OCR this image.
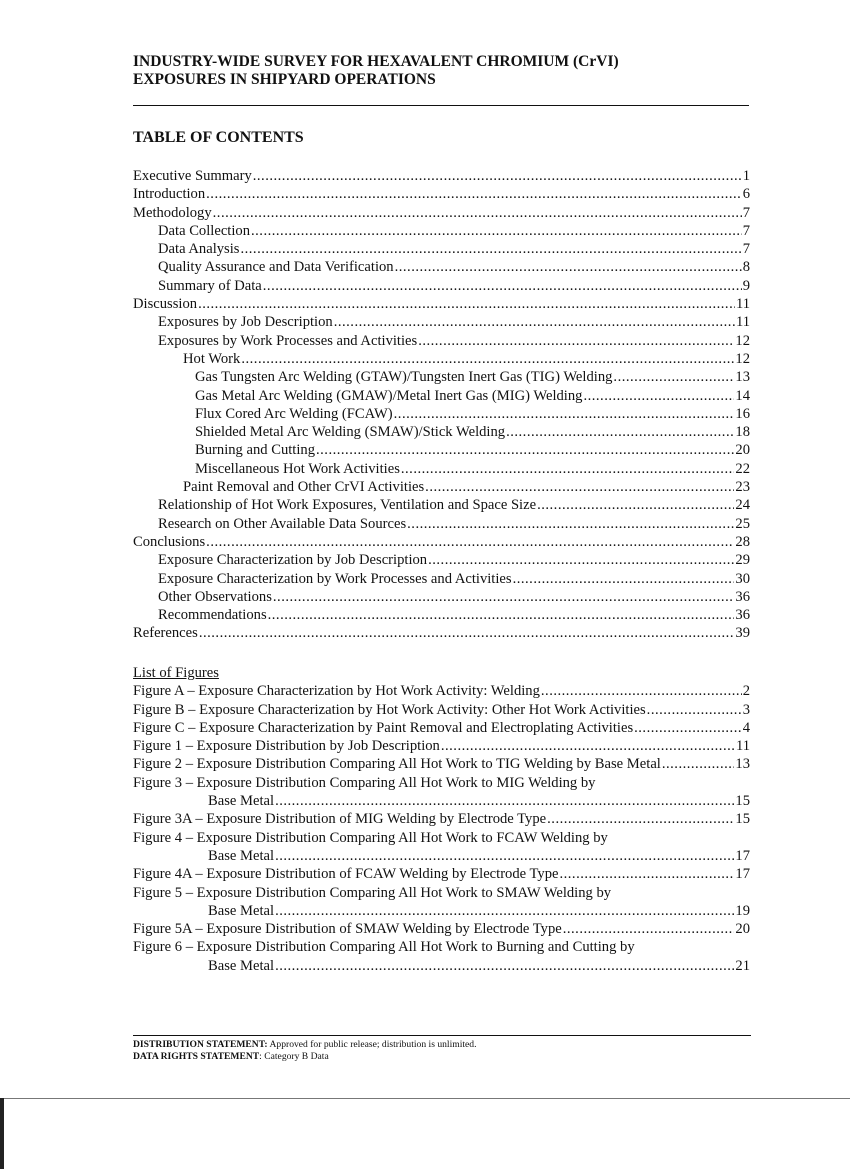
INDUSTRY-WIDE SURVEY FOR HEXAVALENT CHROMIUM (CrVI)
EXPOSURES IN SHIPYARD OPERATIONS
TABLE OF CONTENTS
Executive Summary .....	1
Introduction .....	6
Methodology .....	7
Data Collection .....	7
Data Analysis .....	7
Quality Assurance and Data Verification .....	8
Summary of Data .....	9
Discussion .....	11
Exposures by Job Description .....	11
Exposures by Work Processes and Activities .....	12
Hot Work .....	12
Gas Tungsten Arc Welding (GTAW)/Tungsten Inert Gas (TIG) Welding .....	13
Gas Metal Arc Welding (GMAW)/Metal Inert Gas (MIG) Welding .....	14
Flux Cored Arc Welding (FCAW) .....	16
Shielded Metal Arc Welding (SMAW)/Stick Welding .....	18
Burning and Cutting .....	20
Miscellaneous Hot Work Activities .....	22
Paint Removal and Other CrVI Activities .....	23
Relationship of Hot Work Exposures, Ventilation and Space Size .....	24
Research on Other Available Data Sources .....	25
Conclusions .....	28
Exposure Characterization by Job Description .....	29
Exposure Characterization by Work Processes and Activities .....	30
Other Observations .....	36
Recommendations .....	36
References .....	39
List of Figures
Figure A – Exposure Characterization by Hot Work Activity: Welding .....	2
Figure B – Exposure Characterization by Hot Work Activity: Other Hot Work Activities .....	3
Figure C – Exposure Characterization by Paint Removal and Electroplating Activities .....	4
Figure 1 – Exposure Distribution by Job Description .....	11
Figure 2 – Exposure Distribution Comparing All Hot Work to TIG Welding by Base Metal .....	13
Figure 3 – Exposure Distribution Comparing All Hot Work to MIG Welding by
Base Metal .....	15
Figure 3A – Exposure Distribution of MIG Welding by Electrode Type .....	15
Figure 4 – Exposure Distribution Comparing All Hot Work to FCAW Welding by
Base Metal .....	17
Figure 4A – Exposure Distribution of FCAW Welding by Electrode Type .....	17
Figure 5 – Exposure Distribution Comparing All Hot Work to SMAW Welding by
Base Metal .....	19
Figure 5A – Exposure Distribution of SMAW Welding by Electrode Type .....	20
Figure 6 – Exposure Distribution Comparing All Hot Work to Burning and Cutting by
Base Metal .....	21
DISTRIBUTION STATEMENT: Approved for public release; distribution is unlimited.
DATA RIGHTS STATEMENT: Category B Data
